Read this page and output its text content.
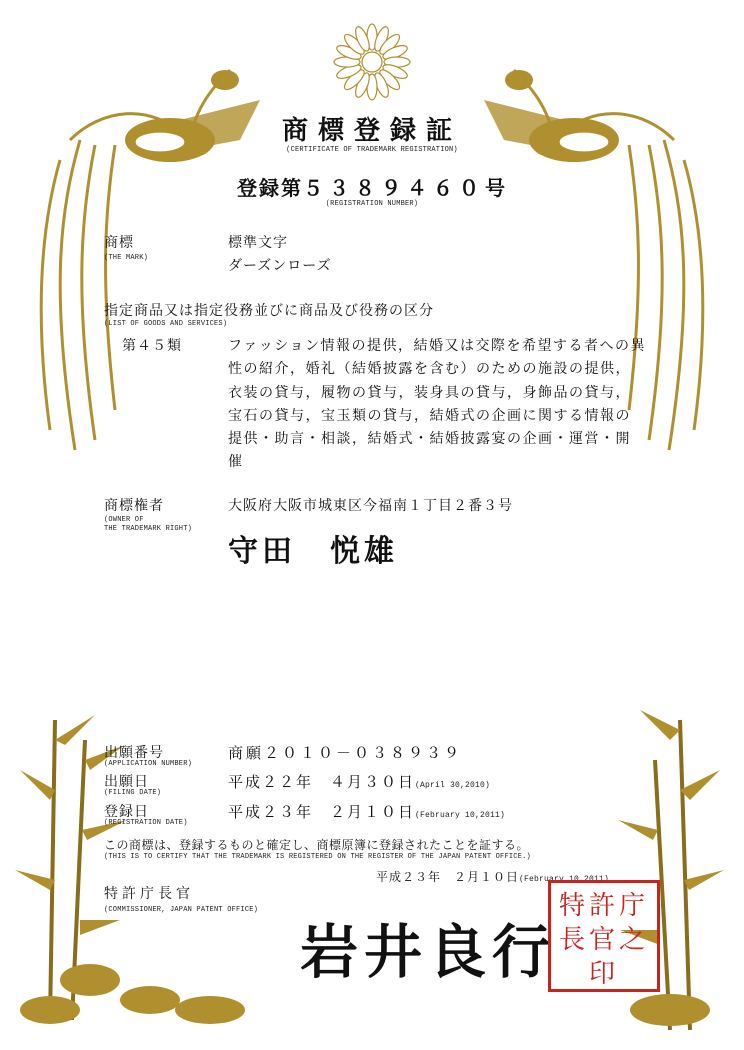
商標登録証
(CERTIFICATE OF TRADEMARK REGISTRATION)
登録第５３８９４６０号
(REGISTRATION NUMBER)
商標
(THE MARK)
標準文字
ダーズンローズ
指定商品又は指定役務並びに商品及び役務の区分
(LIST OF GOODS AND SERVICES)
第４５類	ファッション情報の提供，結婚又は交際を希望する者への異性の紹介，婚礼（結婚披露を含む）のための施設の提供，衣装の貸与，履物の貸与，装身具の貸与，身飾品の貸与，宝石の貸与，宝玉類の貸与，結婚式の企画に関する情報の提供・助言・相談，結婚式・結婚披露宴の企画・運営・開催
商標権者
(OWNER OF
THE TRADEMARK RIGHT)
大阪府大阪市城東区今福南１丁目２番３号
守田　悦雄
出願番号
(APPLICATION NUMBER)
商願２０１０－０３８９３９
出願日
(FILING DATE)
平成２２年　４月３０日(April 30,2010)
登録日
(REGISTRATION DATE)
平成２３年　２月１０日(February 10,2011)
この商標は、登録するものと確定し、商標原簿に登録されたことを証する。
(THIS IS TO CERTIFY THAT THE TRADEMARK IS REGISTERED ON THE REGISTER OF THE JAPAN PATENT OFFICE.)
平成２３年　２月１０日(February 10,2011)
特許庁長官
(COMMISSIONER, JAPAN PATENT OFFICE)
岩井良行
特許庁長官之印
